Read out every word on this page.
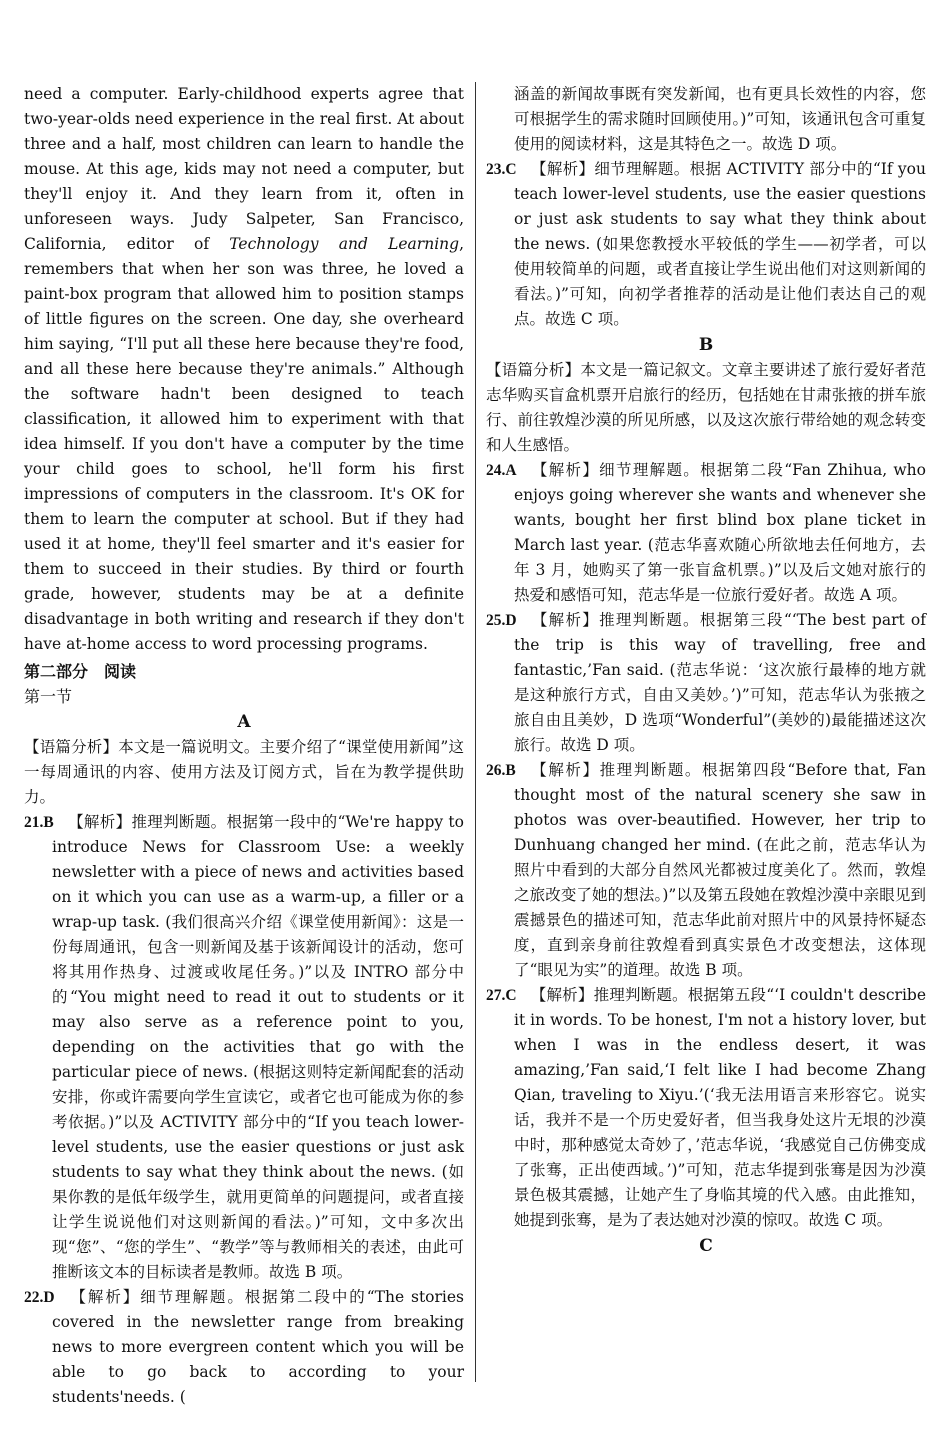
need a computer. Early-childhood experts agree that two-year-olds need experience in the real first. At about three and a half, most children can learn to handle the mouse. At this age, kids may not need a computer, but they'll enjoy it. And they learn from it, often in unforeseen ways. Judy Salpeter, San Francisco, California, editor of Technology and Learning, remembers that when her son was three, he loved a paint-box program that allowed him to position stamps of little figures on the screen. One day, she overheard him saying, “I'll put all these here because they're food, and all these here because they're animals.” Although the software hadn't been designed to teach classification, it allowed him to experiment with that idea himself. If you don't have a computer by the time your child goes to school, he'll form his first impressions of computers in the classroom. It's OK for them to learn the computer at school. But if they had used it at home, they'll feel smarter and it's easier for them to succeed in their studies. By third or fourth grade, however, students may be at a definite disadvantage in both writing and research if they don't have at-home access to word processing programs.

第二部分　阅读

第一节

A

【语篇分析】本文是一篇说明文。主要介绍了“课堂使用新闻”这一每周通讯的内容、使用方法及订阅方式，旨在为教学提供助力。

21.B 【解析】推理判断题。根据第一段中的“We're happy to introduce News for Classroom Use: a weekly newsletter with a piece of news and activities based on it which you can use as a warm-up, a filler or a wrap-up task. (我们很高兴介绍《课堂使用新闻》：这是一份每周通讯，包含一则新闻及基于该新闻设计的活动，您可将其用作热身、过渡或收尾任务。)”以及 INTRO 部分中的“You might need to read it out to students or it may also serve as a reference point to you, depending on the activities that go with the particular piece of news. (根据这则特定新闻配套的活动安排，你或许需要向学生宣读它，或者它也可能成为你的参考依据。)”以及 ACTIVITY 部分中的“If you teach lower-level students, use the easier questions or just ask students to say what they think about the news. (如果你教的是低年级学生，就用更简单的问题提问，或者直接让学生说说他们对这则新闻的看法。)”可知，文中多次出现“您”、“您的学生”、“教学”等与教师相关的表述，由此可推断该文本的目标读者是教师。故选 B 项。

22.D 【解析】细节理解题。根据第二段中的“The stories covered in the newsletter range from breaking news to more evergreen content which you will be able to go back to according to your students'needs. (

涵盖的新闻故事既有突发新闻，也有更具长效性的内容，您可根据学生的需求随时回顾使用。)”可知，该通讯包含可重复使用的阅读材料，这是其特色之一。故选 D 项。

23.C 【解析】细节理解题。根据 ACTIVITY 部分中的“If you teach lower-level students, use the easier questions or just ask students to say what they think about the news. (如果您教授水平较低的学生——初学者，可以使用较简单的问题，或者直接让学生说出他们对这则新闻的看法。)”可知，向初学者推荐的活动是让他们表达自己的观点。故选 C 项。

B

【语篇分析】本文是一篇记叙文。文章主要讲述了旅行爱好者范志华购买盲盒机票开启旅行的经历，包括她在甘肃张掖的拼车旅行、前往敦煌沙漠的所见所感，以及这次旅行带给她的观念转变和人生感悟。

24.A 【解析】细节理解题。根据第二段“Fan Zhihua, who enjoys going wherever she wants and whenever she wants, bought her first blind box plane ticket in March last year. (范志华喜欢随心所欲地去任何地方，去年 3 月，她购买了第一张盲盒机票。)”以及后文她对旅行的热爱和感悟可知，范志华是一位旅行爱好者。故选 A 项。

25.D 【解析】推理判断题。根据第三段“‘The best part of the trip is this way of travelling, free and fantastic,’Fan said. (范志华说：‘这次旅行最棒的地方就是这种旅行方式，自由又美妙。’)”可知，范志华认为张掖之旅自由且美妙，D 选项“Wonderful”(美妙的)最能描述这次旅行。故选 D 项。

26.B 【解析】推理判断题。根据第四段“Before that, Fan thought most of the natural scenery she saw in photos was over-beautified. However, her trip to Dunhuang changed her mind. (在此之前，范志华认为照片中看到的大部分自然风光都被过度美化了。然而，敦煌之旅改变了她的想法。)”以及第五段她在敦煌沙漠中亲眼见到震撼景色的描述可知，范志华此前对照片中的风景持怀疑态度，直到亲身前往敦煌看到真实景色才改变想法，这体现了“眼见为实”的道理。故选 B 项。

27.C 【解析】推理判断题。根据第五段“‘I couldn't describe it in words. To be honest, I'm not a history lover, but when I was in the endless desert, it was amazing,’Fan said,‘I felt like I had become Zhang Qian, traveling to Xiyu.’(‘我无法用语言来形容它。说实话，我并不是一个历史爱好者，但当我身处这片无垠的沙漠中时，那种感觉太奇妙了，’范志华说，‘我感觉自己仿佛变成了张骞，正出使西域。’)”可知，范志华提到张骞是因为沙漠景色极其震撼，让她产生了身临其境的代入感。由此推知，她提到张骞，是为了表达她对沙漠的惊叹。故选 C 项。

C
